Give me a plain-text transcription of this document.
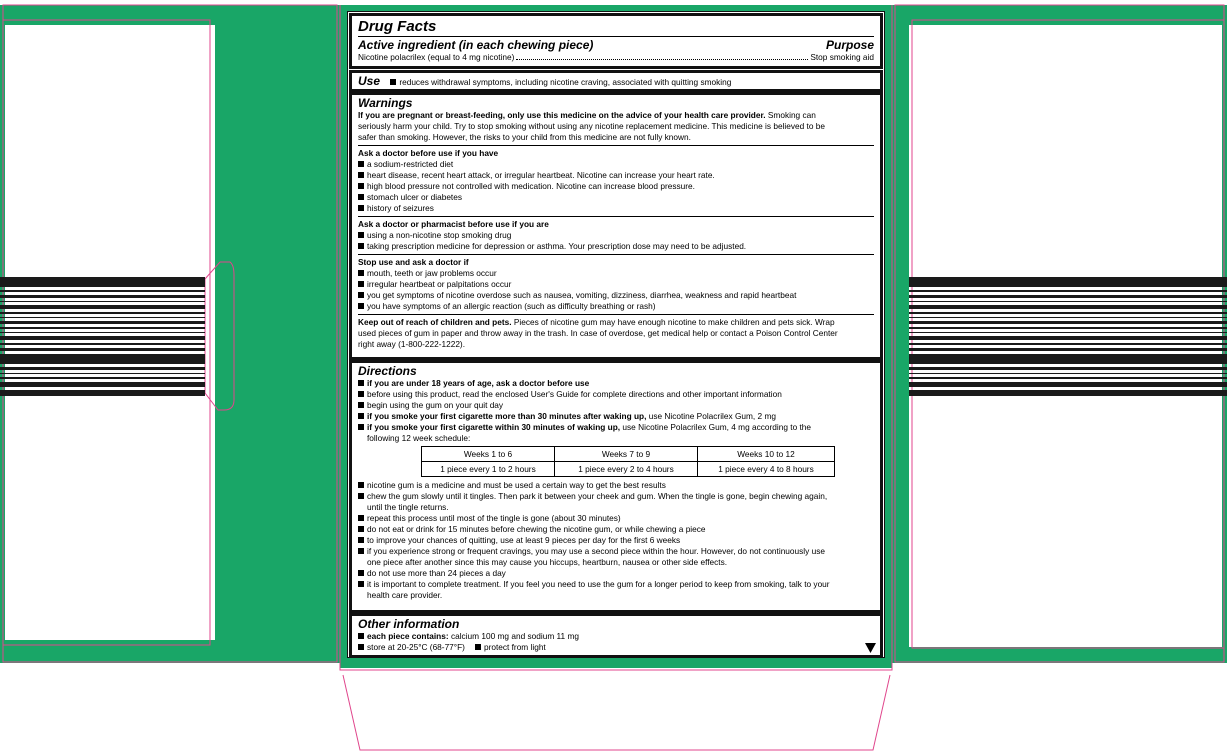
Drug Facts
Active ingredient (in each chewing piece)	Purpose
Nicotine polacrilex (equal to 4 mg nicotine)	Stop smoking aid
Use reduces withdrawal symptoms, including nicotine craving, associated with quitting smoking
Warnings
If you are pregnant or breast-feeding, only use this medicine on the advice of your health care provider. Smoking can
seriously harm your child. Try to stop smoking without using any nicotine replacement medicine. This medicine is believed to be
safer than smoking. However, the risks to your child from this medicine are not fully known.
Ask a doctor before use if you have
a sodium-restricted diet
heart disease, recent heart attack, or irregular heartbeat. Nicotine can increase your heart rate.
high blood pressure not controlled with medication. Nicotine can increase blood pressure.
stomach ulcer or diabetes
history of seizures
Ask a doctor or pharmacist before use if you are
using a non-nicotine stop smoking drug
taking prescription medicine for depression or asthma. Your prescription dose may need to be adjusted.
Stop use and ask a doctor if
mouth, teeth or jaw problems occur
irregular heartbeat or palpitations occur
you get symptoms of nicotine overdose such as nausea, vomiting, dizziness, diarrhea, weakness and rapid heartbeat
you have symptoms of an allergic reaction (such as difficulty breathing or rash)
Keep out of reach of children and pets. Pieces of nicotine gum may have enough nicotine to make children and pets sick. Wrap
used pieces of gum in paper and throw away in the trash. In case of overdose, get medical help or contact a Poison Control Center
right away (1-800-222-1222).
Directions
if you are under 18 years of age, ask a doctor before use
before using this product, read the enclosed User's Guide for complete directions and other important information
begin using the gum on your quit day
if you smoke your first cigarette more than 30 minutes after waking up, use Nicotine Polacrilex Gum, 2 mg
if you smoke your first cigarette within 30 minutes of waking up, use Nicotine Polacrilex Gum, 4 mg according to the
following 12 week schedule:
Weeks 1 to 6	Weeks 7 to 9	Weeks 10 to 12
1 piece every 1 to 2 hours	1 piece every 2 to 4 hours	1 piece every 4 to 8 hours
nicotine gum is a medicine and must be used a certain way to get the best results
chew the gum slowly until it tingles. Then park it between your cheek and gum. When the tingle is gone, begin chewing again,
until the tingle returns.
repeat this process until most of the tingle is gone (about 30 minutes)
do not eat or drink for 15 minutes before chewing the nicotine gum, or while chewing a piece
to improve your chances of quitting, use at least 9 pieces per day for the first 6 weeks
if you experience strong or frequent cravings, you may use a second piece within the hour. However, do not continuously use
one piece after another since this may cause you hiccups, heartburn, nausea or other side effects.
do not use more than 24 pieces a day
it is important to complete treatment. If you feel you need to use the gum for a longer period to keep from smoking, talk to your
health care provider.
Other information
each piece contains: calcium 100 mg and sodium 11 mg
store at 20-25°C (68-77°F) protect from light
